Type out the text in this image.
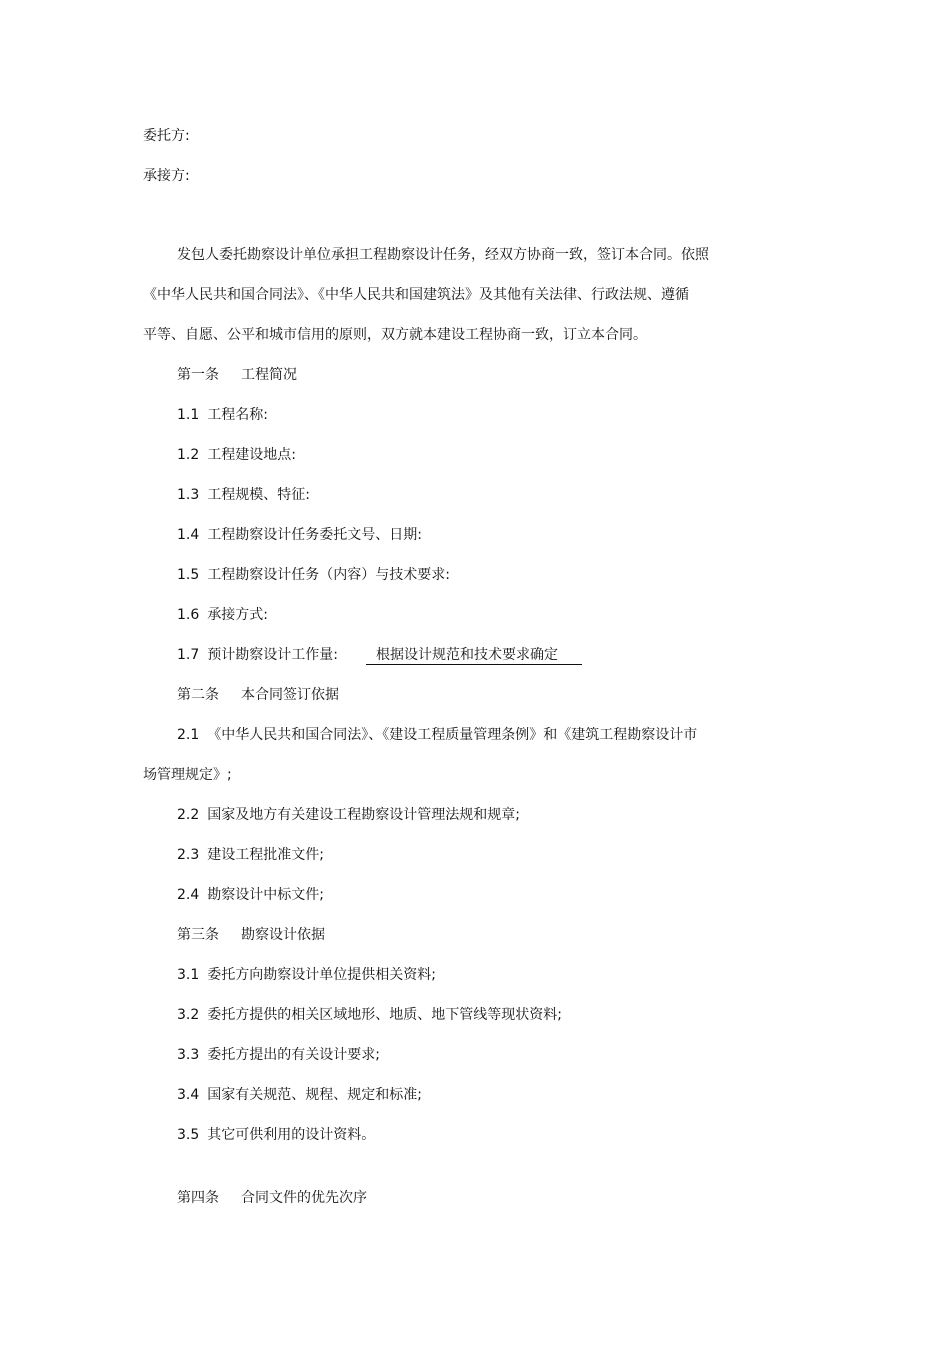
委托方:
承接方:
发包人委托勘察设计单位承担工程勘察设计任务，经双方协商一致，签订本合同。依照
《中华人民共和国合同法》、《中华人民共和国建筑法》及其他有关法律、行政法规、遵循
平等、自愿、公平和城市信用的原则，双方就本建设工程协商一致，订立本合同。
第一条 工程简况
1.1 工程名称:
1.2 工程建设地点:
1.3 工程规模、特征:
1.4 工程勘察设计任务委托文号、日期:
1.5 工程勘察设计任务（内容）与技术要求:
1.6 承接方式:
1.7 预计勘察设计工作量:	根据设计规范和技术要求确定
第二条 本合同签订依据
2.1 《中华人民共和国合同法》、《建设工程质量管理条例》和《建筑工程勘察设计市
场管理规定》;
2.2 国家及地方有关建设工程勘察设计管理法规和规章;
2.3 建设工程批准文件;
2.4 勘察设计中标文件;
第三条 勘察设计依据
3.1 委托方向勘察设计单位提供相关资料;
3.2 委托方提供的相关区域地形、地质、地下管线等现状资料;
3.3 委托方提出的有关设计要求;
3.4 国家有关规范、规程、规定和标准;
3.5 其它可供利用的设计资料。
第四条 合同文件的优先次序
